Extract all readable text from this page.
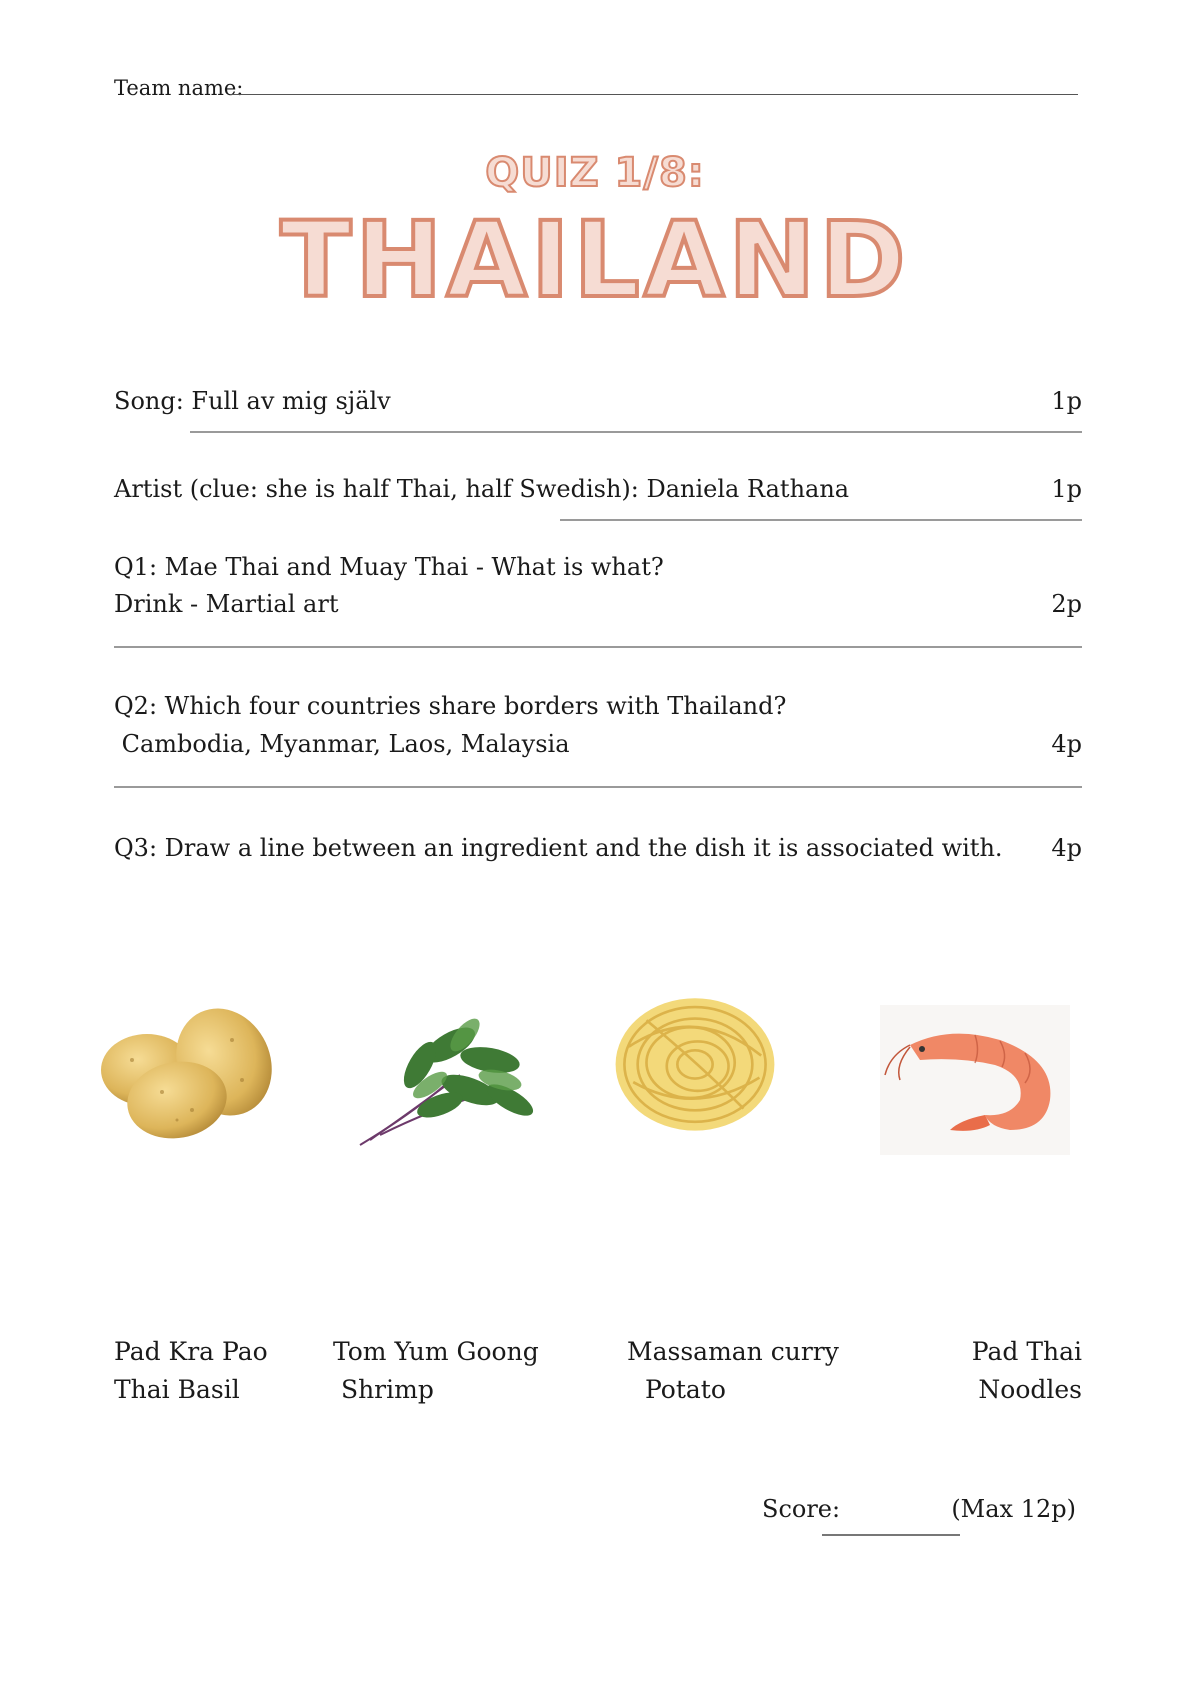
Team name:
QUIZ 1/8:
THAILAND
Song: Full av mig själv	1p
Artist (clue: she is half Thai, half Swedish): Daniela Rathana	1p
Q1: Mae Thai and Muay Thai - What is what?
Drink - Martial art	2p
Q2: Which four countries share borders with Thailand?
Cambodia, Myanmar, Laos, Malaysia	4p
Q3: Draw a line between an ingredient and the dish it is associated with. 4p
Pad Kra Pao
Thai Basil
Tom Yum Goong
Shrimp
Massaman curry
Potato
Pad Thai
Noodles
Score:	(Max 12p)
